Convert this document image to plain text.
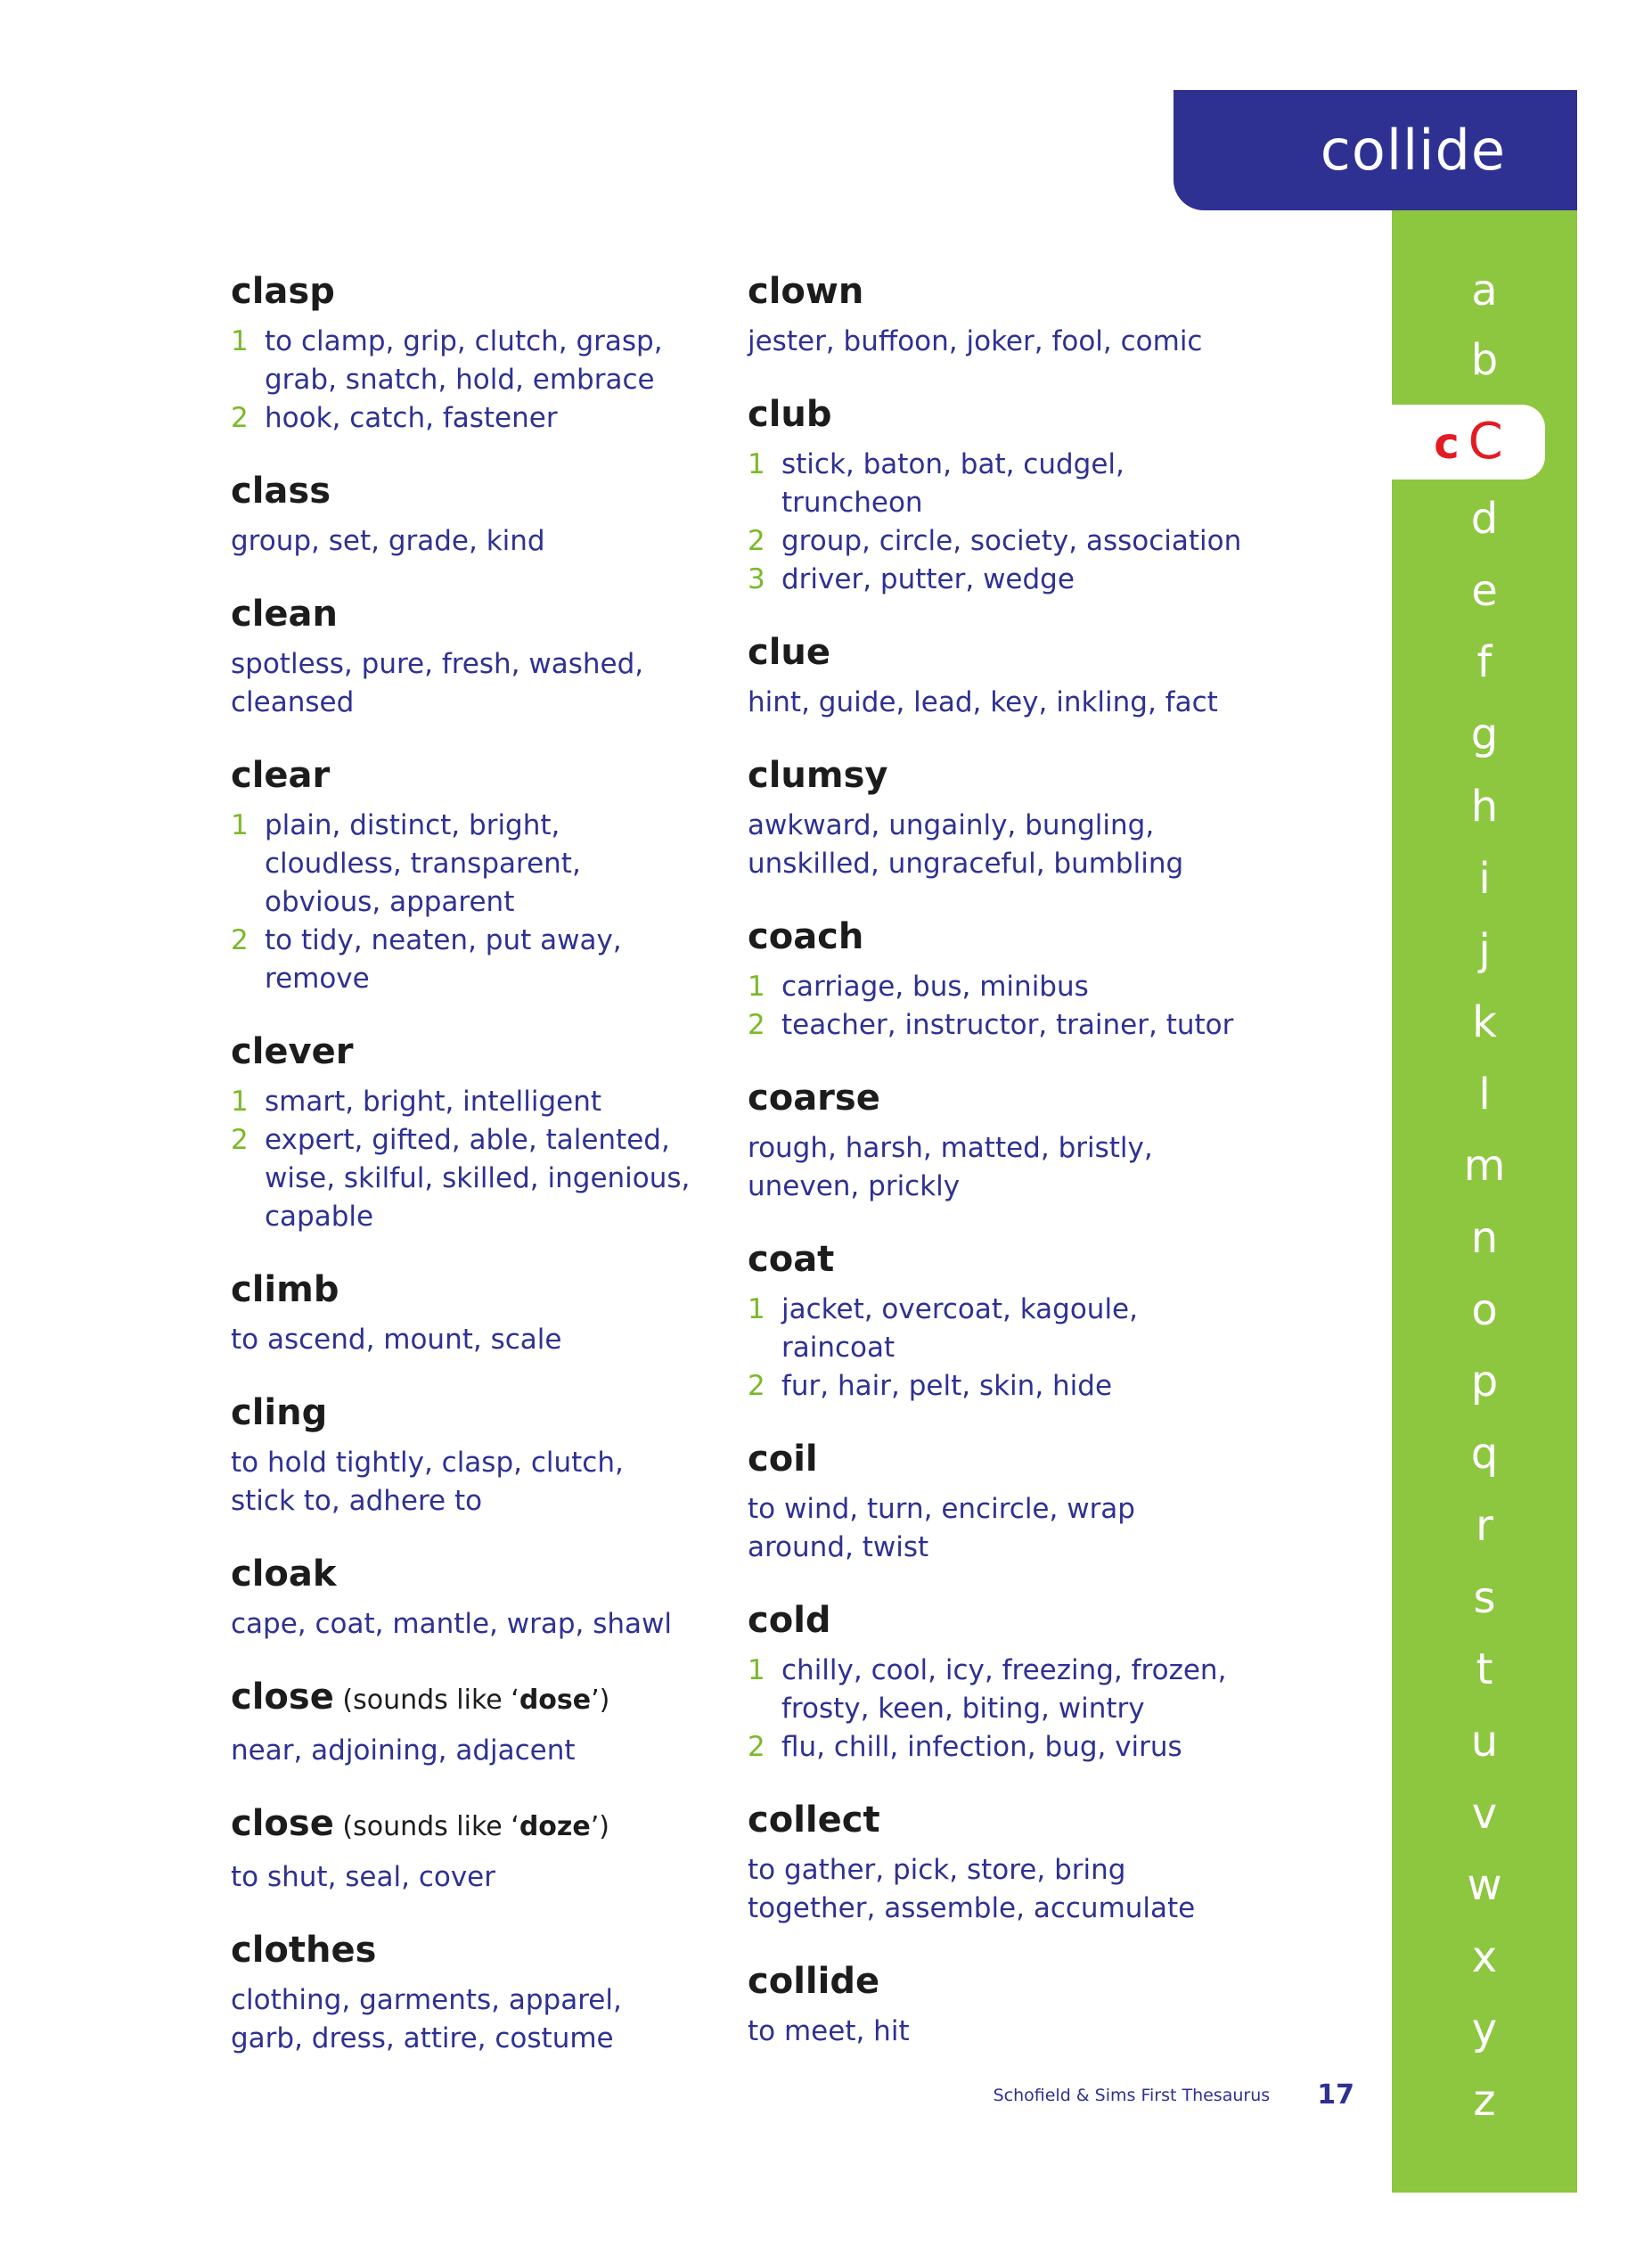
collide
a
b
c C
d
e
f
g
h
i
j
k
l
m
n
o
p
q
r
s
t
u
v
w
x
y
z
clasp
1 to clamp, grip, clutch, grasp, grab, snatch, hold, embrace
2 hook, catch, fastener
class
group, set, grade, kind
clean
spotless, pure, fresh, washed, cleansed
clear
1 plain, distinct, bright, cloudless, transparent, obvious, apparent
2 to tidy, neaten, put away, remove
clever
1 smart, bright, intelligent
2 expert, gifted, able, talented, wise, skilful, skilled, ingenious, capable
climb
to ascend, mount, scale
cling
to hold tightly, clasp, clutch, stick to, adhere to
cloak
cape, coat, mantle, wrap, shawl
close (sounds like ‘dose’)
near, adjoining, adjacent
close (sounds like ‘doze’)
to shut, seal, cover
clothes
clothing, garments, apparel, garb, dress, attire, costume
clown
jester, buffoon, joker, fool, comic
club
1 stick, baton, bat, cudgel, truncheon
2 group, circle, society, association
3 driver, putter, wedge
clue
hint, guide, lead, key, inkling, fact
clumsy
awkward, ungainly, bungling, unskilled, ungraceful, bumbling
coach
1 carriage, bus, minibus
2 teacher, instructor, trainer, tutor
coarse
rough, harsh, matted, bristly, uneven, prickly
coat
1 jacket, overcoat, kagoule, raincoat
2 fur, hair, pelt, skin, hide
coil
to wind, turn, encircle, wrap around, twist
cold
1 chilly, cool, icy, freezing, frozen, frosty, keen, biting, wintry
2 flu, chill, infection, bug, virus
collect
to gather, pick, store, bring together, assemble, accumulate
collide
to meet, hit
Schofield & Sims First Thesaurus 17
